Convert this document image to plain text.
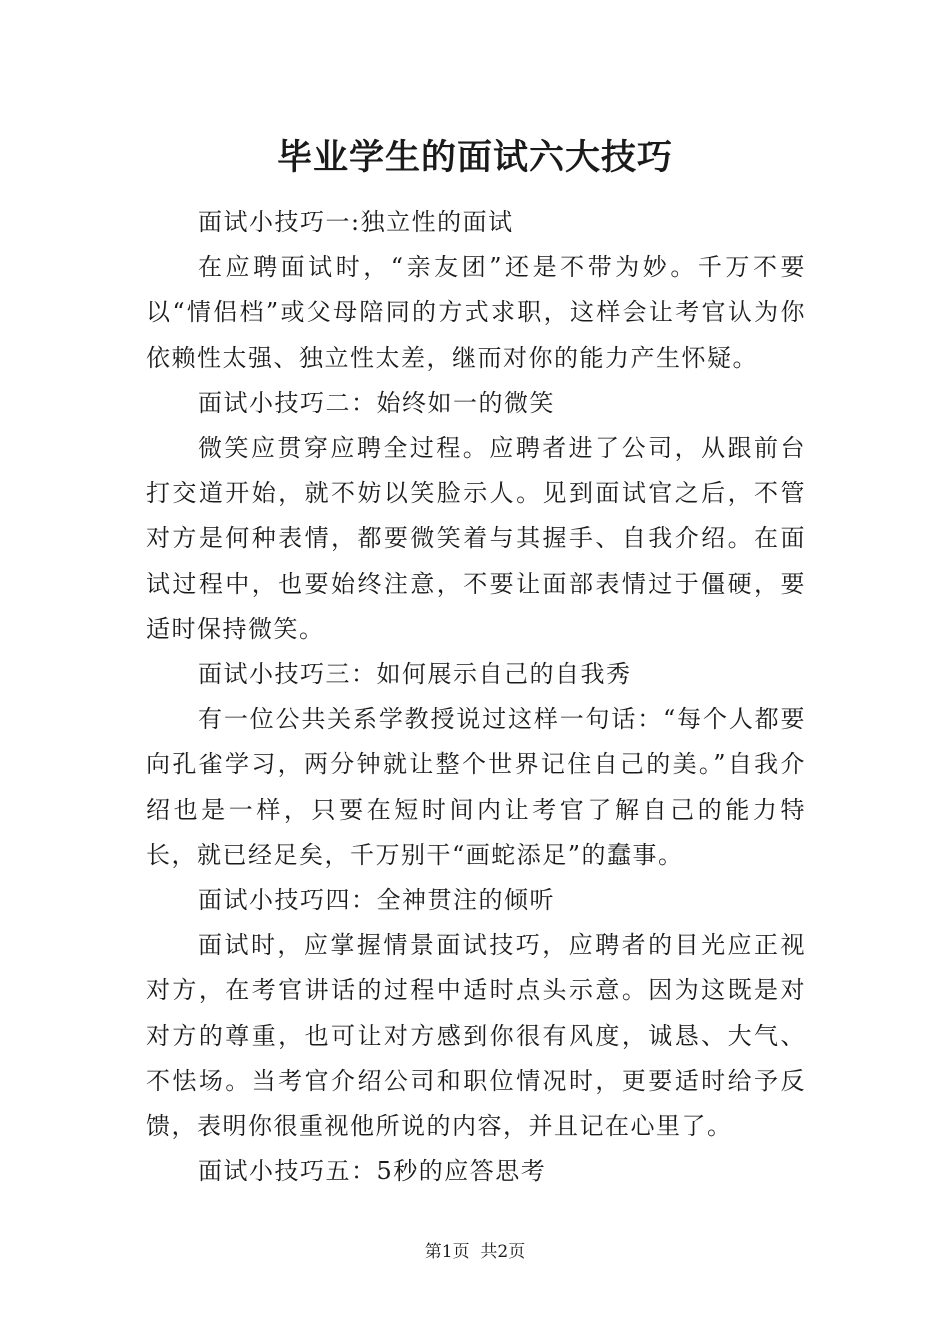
毕业学生的面试六大技巧

面试小技巧一:独立性的面试

在应聘面试时，“亲友团”还是不带为妙。千万不要以“情侣档”或父母陪同的方式求职，这样会让考官认为你依赖性太强、独立性太差，继而对你的能力产生怀疑。

面试小技巧二：始终如一的微笑

微笑应贯穿应聘全过程。应聘者进了公司，从跟前台打交道开始，就不妨以笑脸示人。见到面试官之后，不管对方是何种表情，都要微笑着与其握手、自我介绍。在面试过程中，也要始终注意，不要让面部表情过于僵硬，要适时保持微笑。

面试小技巧三：如何展示自己的自我秀

有一位公共关系学教授说过这样一句话：“每个人都要向孔雀学习，两分钟就让整个世界记住自己的美。”自我介绍也是一样，只要在短时间内让考官了解自己的能力特长，就已经足矣，千万别干“画蛇添足”的蠢事。

面试小技巧四：全神贯注的倾听

面试时，应掌握情景面试技巧，应聘者的目光应正视对方，在考官讲话的过程中适时点头示意。因为这既是对对方的尊重，也可让对方感到你很有风度，诚恳、大气、不怯场。当考官介绍公司和职位情况时，更要适时给予反馈，表明你很重视他所说的内容，并且记在心里了。

面试小技巧五：5秒的应答思考

第1页 共2页
